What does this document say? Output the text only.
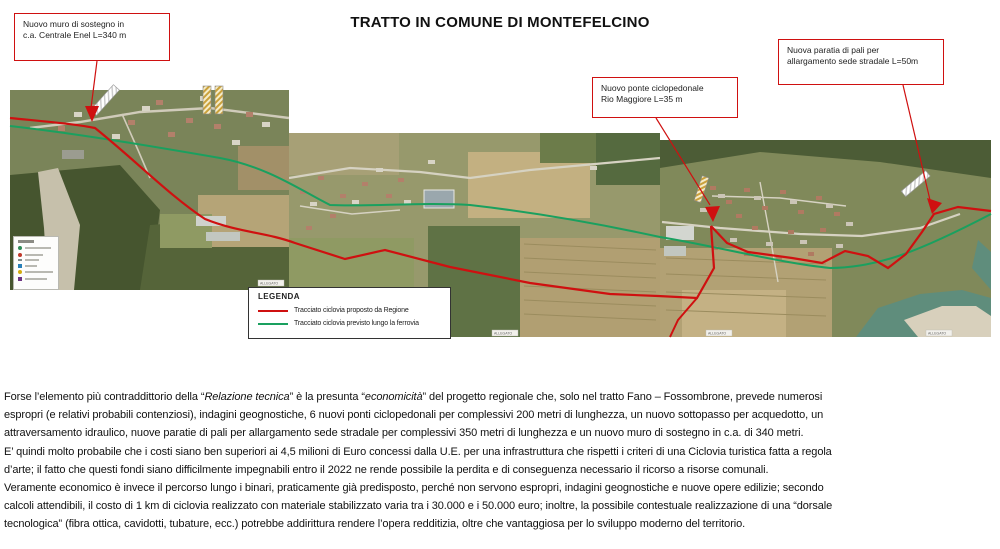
TRATTO IN COMUNE DI MONTEFELCINO
ALLEGATO
ALLEGATO	ALLEGATO	ALLEGATO
Nuovo muro di sostegno in
c.a. Centrale Enel L=340 m
Nuovo ponte ciclopedonale
Rio Maggiore L=35 m
Nuova paratia di pali per
allargamento sede stradale L=50m
LEGENDA
Tracciato ciclovia proposto da Regione
Tracciato ciclovia previsto lungo la ferrovia
Forse l’elemento più contraddittorio della “Relazione tecnica” è la presunta “economicità” del progetto regionale che, solo nel tratto Fano – Fossombrone, prevede numerosi
espropri (e relativi probabili contenziosi), indagini geognostiche, 6 nuovi ponti ciclopedonali per complessivi 200 metri di lunghezza, un nuovo sottopasso per acquedotto, un
attraversamento idraulico, nuove paratie di pali per allargamento sede stradale per complessivi 350 metri di lunghezza e un nuovo muro di sostegno in c.a. di 340 metri.
E’ quindi molto probabile che i costi siano ben superiori ai 4,5 milioni di Euro concessi dalla U.E. per una infrastruttura che rispetti i criteri di una Ciclovia turistica fatta a regola
d’arte; il fatto che questi fondi siano difficilmente impegnabili entro il 2022 ne rende possibile la perdita e di conseguenza necessario il ricorso a risorse comunali.
Veramente economico è invece il percorso lungo i binari, praticamente già predisposto, perché non servono espropri, indagini geognostiche e nuove opere edilizie; secondo
calcoli attendibili, il costo di 1 km di ciclovia realizzato con materiale stabilizzato varia tra i 30.000 e i 50.000 euro; inoltre, la possibile contestuale realizzazione di una “dorsale
tecnologica” (fibra ottica, cavidotti, tubature, ecc.) potrebbe addirittura rendere l’opera redditizia, oltre che vantaggiosa per lo sviluppo moderno del territorio.
